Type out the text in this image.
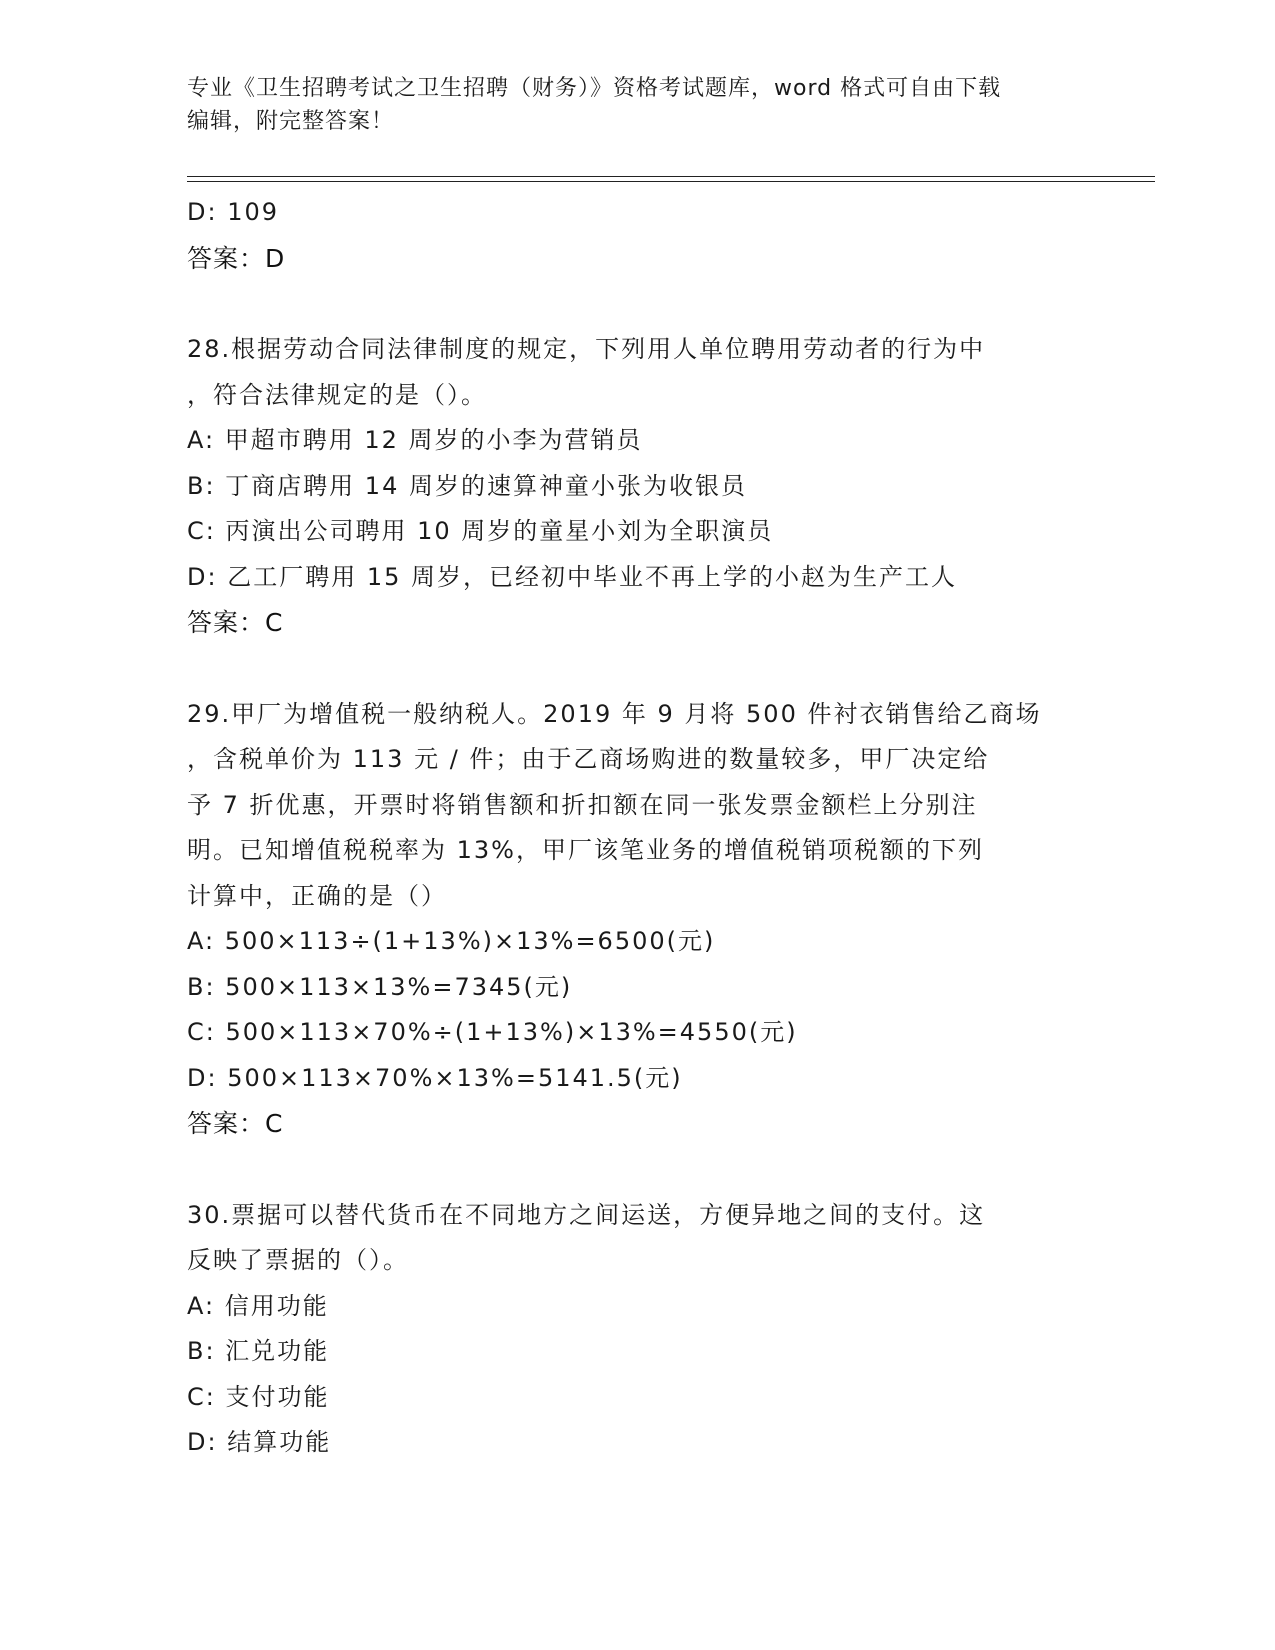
专业《卫生招聘考试之卫生招聘（财务）》资格考试题库，word 格式可自由下载
编辑，附完整答案！
D: 109
答案：D
28.根据劳动合同法律制度的规定，下列用人单位聘用劳动者的行为中
，符合法律规定的是（）。
A: 甲超市聘用 12 周岁的小李为营销员
B: 丁商店聘用 14 周岁的速算神童小张为收银员
C: 丙演出公司聘用 10 周岁的童星小刘为全职演员
D: 乙工厂聘用 15 周岁，已经初中毕业不再上学的小赵为生产工人
答案：C
29.甲厂为增值税一般纳税人。2019 年 9 月将 500 件衬衣销售给乙商场
，含税单价为 113 元 / 件；由于乙商场购进的数量较多，甲厂决定给
予 7 折优惠，开票时将销售额和折扣额在同一张发票金额栏上分别注
明。已知增值税税率为 13%，甲厂该笔业务的增值税销项税额的下列
计算中，正确的是（）
A: 500×113÷(1+13%)×13%=6500(元)
B: 500×113×13%=7345(元)
C: 500×113×70%÷(1+13%)×13%=4550(元)
D: 500×113×70%×13%=5141.5(元)
答案：C
30.票据可以替代货币在不同地方之间运送，方便异地之间的支付。这
反映了票据的（）。
A: 信用功能
B: 汇兑功能
C: 支付功能
D: 结算功能
